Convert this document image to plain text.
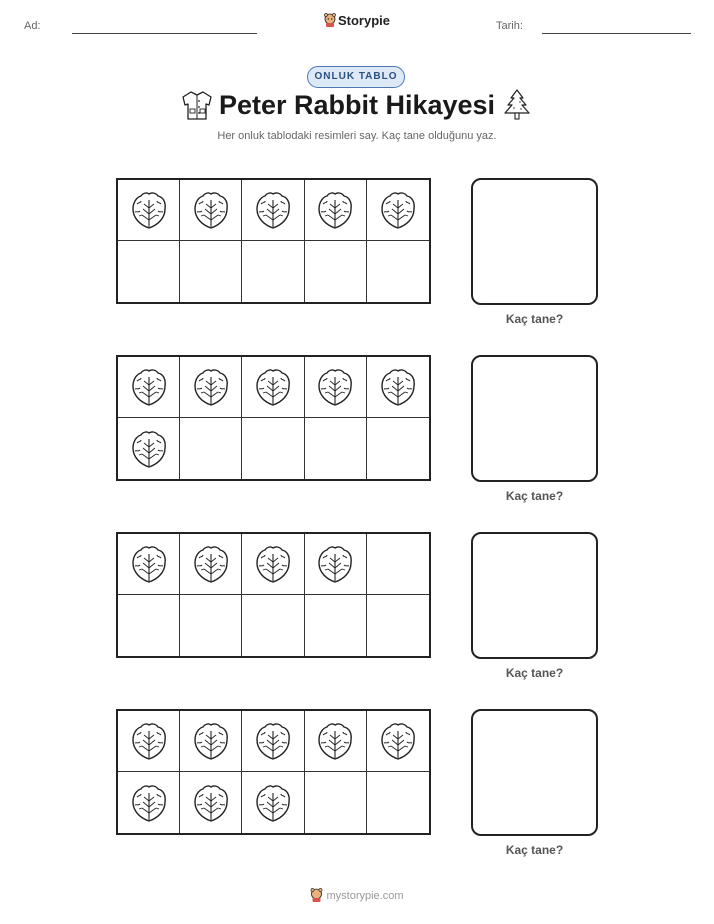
Ad:	Storypie	Tarih:
ONLUK TABLO
Peter Rabbit Hikayesi
Her onluk tablodaki resimleri say. Kaç tane olduğunu yaz.
Kaç tane?
Kaç tane?
Kaç tane?
Kaç tane?
mystorypie.com
